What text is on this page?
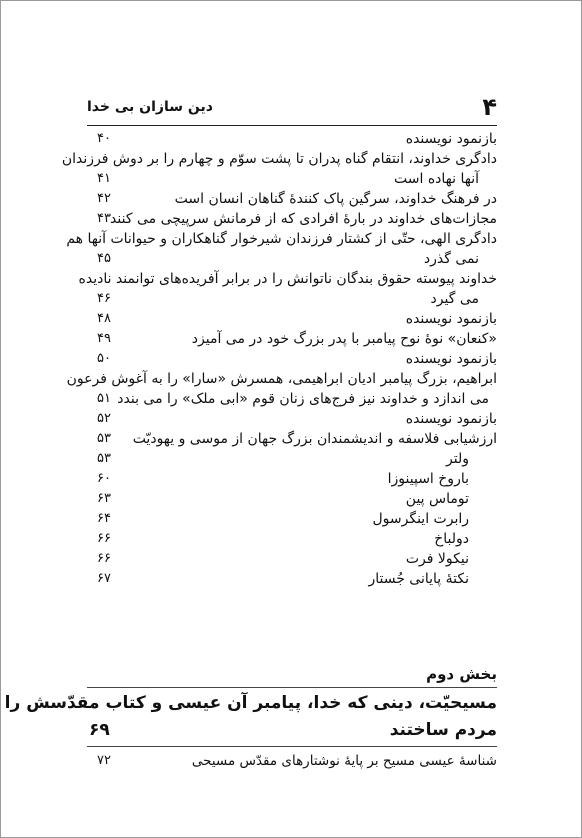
دین سازان بی خدا	۴
بازنمود نویسنده
۴۰
دادگری خداوند، انتقام گناه پدران تا پشت سوّم و چهارم را بر دوش فرزندان
آنها نهاده است
۴۱
در فرهنگ خداوند، سرگین پاک کنندهٔ گناهان انسان است
۴۲
مجازات‌های خداوند در بارهٔ افرادی که از فرمانش سرپیچی می کنند
۴۳
دادگری الهی، حتّی از کشتار فرزندان شیرخوار گناهکاران و حیوانات آنها هم
نمی گذرد
۴۵
خداوند پیوسته حقوق بندگان ناتوانش را در برابر آفریده‌های توانمند نادیده
می گیرد
۴۶
بازنمود نویسنده
۴۸
«کنعان» نوهٔ نوح پیامبر با پدر بزرگ خود در می آمیزد
۴۹
بازنمود نویسنده
۵۰
ابراهیم، بزرگ پیامبر ادیان ابراهیمی، همسرش «سارا» را به آغوش فرعون
می اندازد و خداوند نیز فرج‌های زنان قوم «ابی ملک» را می بندد
۵۱
بازنمود نویسنده
۵۲
ارزشیابی فلاسفه و اندیشمندان بزرگ جهان از موسی و یهودیّت
۵۳
ولتر
۵۳
باروخ اسپینوزا
۶۰
توماس پین
۶۳
رابرت اینگرسول
۶۴
دولباخ
۶۶
نیکولا فرت
۶۶
نکتهٔ پایانی جُستار
۶۷
بخش دوم
مسیحیّت، دینی که خدا، پیامبر آن عیسی و کتاب مقدّسش را
مردم ساختند
۶۹
شناسهٔ عیسی مسیح بر پایهٔ نوشتارهای مقدّس مسیحی
۷۲
